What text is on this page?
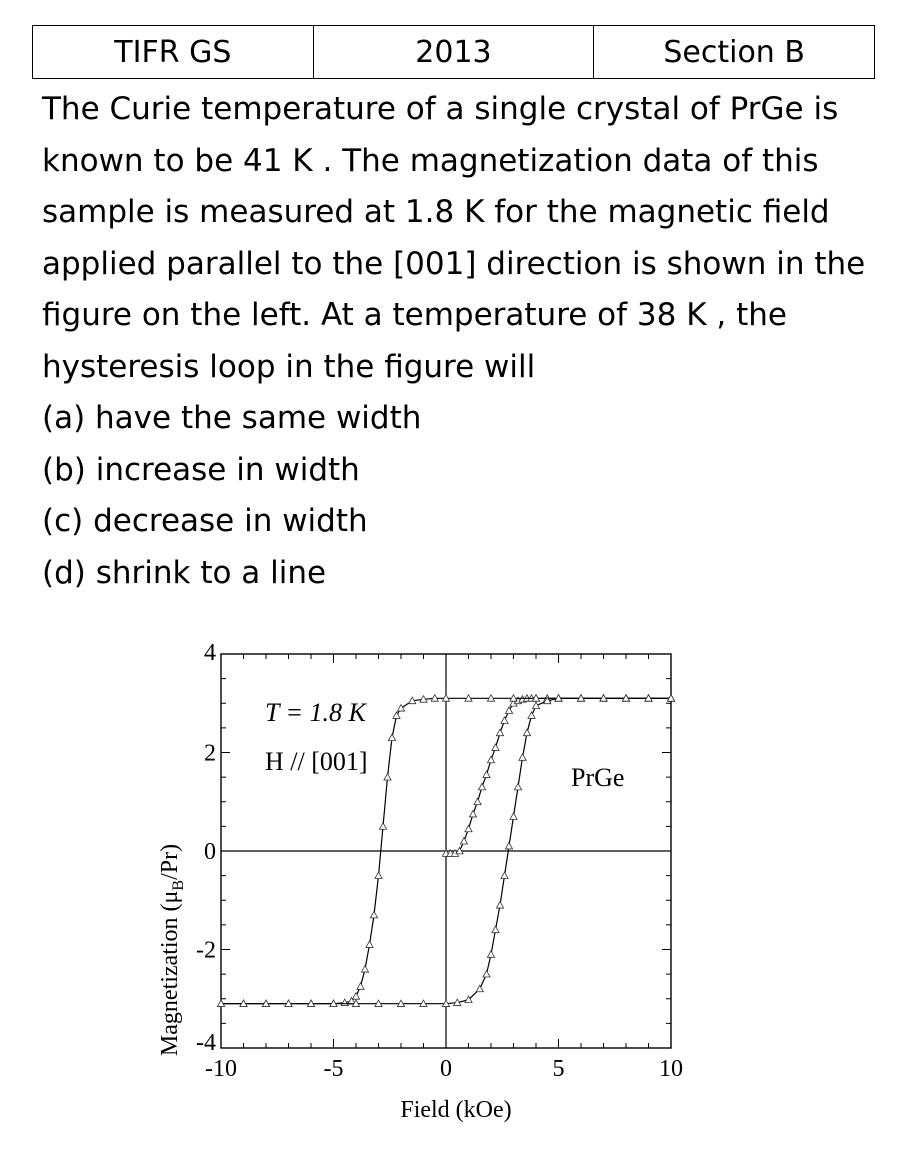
TIFR GS	2013	Section B

The Curie temperature of a single crystal of PrGe is known to be 41 K . The magnetization data of this sample is measured at 1.8 K for the magnetic field applied parallel to the [001] direction is shown in the figure on the left. At a temperature of 38 K , the hysteresis loop in the figure will

(a) have the same width
(b) increase in width
(c) decrease in width
(d) shrink to a line
-10	-5	0	5	10
4
2
0
-2
-4
Field (kOe)
Magnetization $(\mu_B/Pr)$
T = 1.8 K
H // [001]
PrGe
